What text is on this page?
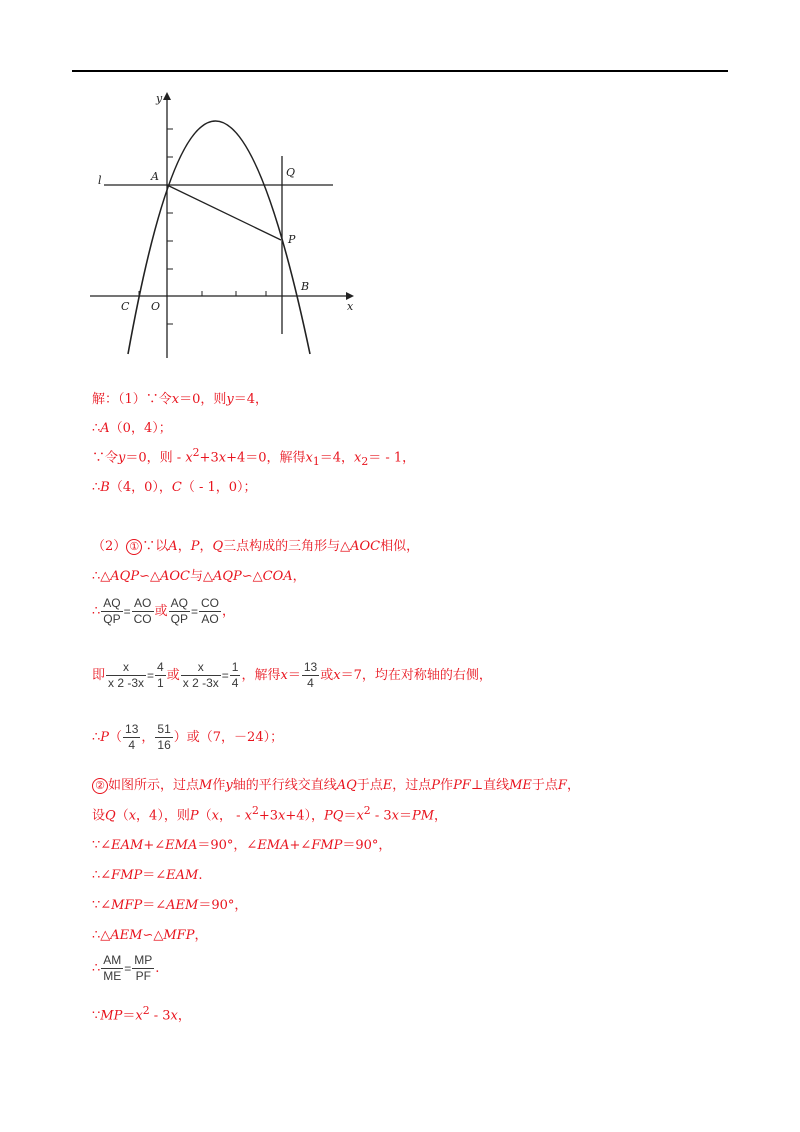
y
x
l	A	Q
P
B
C O
解：（1）∵令x＝0，则y＝4，
∴A（0，4）；
∵令y＝0，则 - $x^2+3x+4=0$，解得$x_1=4$，$x_2= - 1$，
∴B（4，0），C（ - 1，0）；
（2） ① ∵以A，P，Q三点构成的三角形与△AOC相似，
∴△AQP∽△AOC与△AQP∽△COA，
∴ $\frac{AQ}{QP} = \frac{AO}{CO}$ 或 $\frac{AQ}{QP} = \frac{CO}{AO}$ ，
即 $\frac{x}{x 2 -3x} = \frac{4}{1}$ 或 $\frac{x}{x 2 -3x} = \frac{1}{4}$ ，解得$x= \frac{13}{4}$ 或x＝7，均在对称轴的右侧，
∴P（ $\frac{13}{4}$ ， $\frac{51}{16}$ ）或（7，－24）；
② 如图所示，过点M作y轴的平行线交直线AQ于点E，过点P作PF⊥直线ME于点F，
设Q（x，4），则P（x， - $x^2+3x+4$），$PQ=x^2 - 3x=PM$，
∵∠EAM+∠EMA＝90°，∠EMA+∠FMP＝90°，
∴∠FMP＝∠EAM.
∵∠MFP＝∠AEM＝90°，
∴△AEM∽△MFP，
∴ $\frac{AM}{ME} = \frac{MP}{PF}$ .
$\because MP=x^2 - 3x$，
